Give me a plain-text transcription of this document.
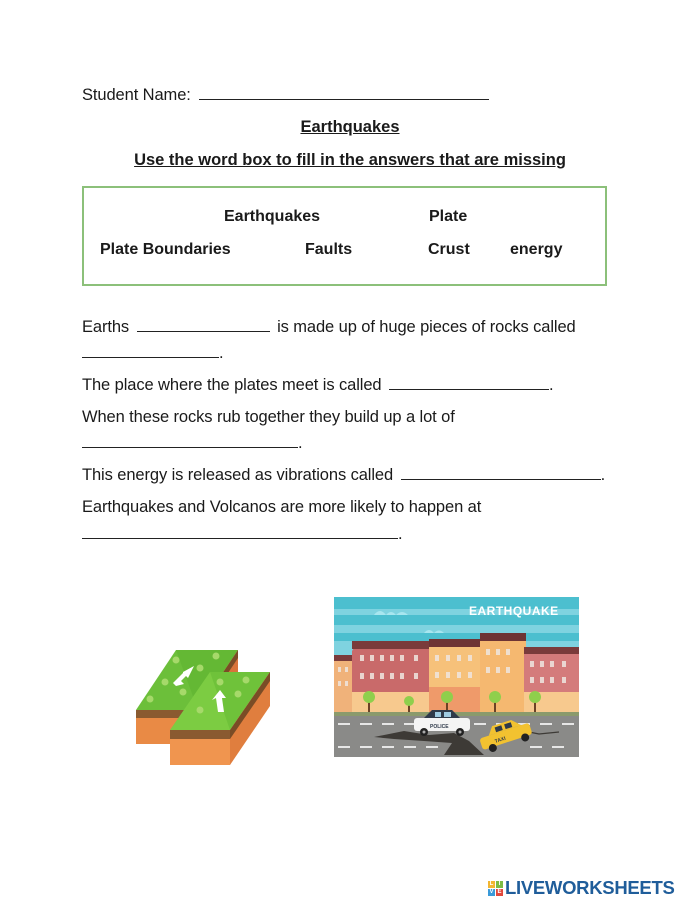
Student Name:
Earthquakes
Use the word box to fill in the answers that are missing
Earthquakes	Plate
Plate Boundaries	Faults	Crust	energy
Earths	is made up of huge pieces of rocks called
.
The place where the plates meet is called	.
When these rocks rub together they build up a lot of
.
This energy is released as vibrations called	.
Earthquakes and Volcanos are more likely to happen at
.
EARTHQUAKE
POLICE
TAXI
L I
V E LIVEWORKSHEETS
